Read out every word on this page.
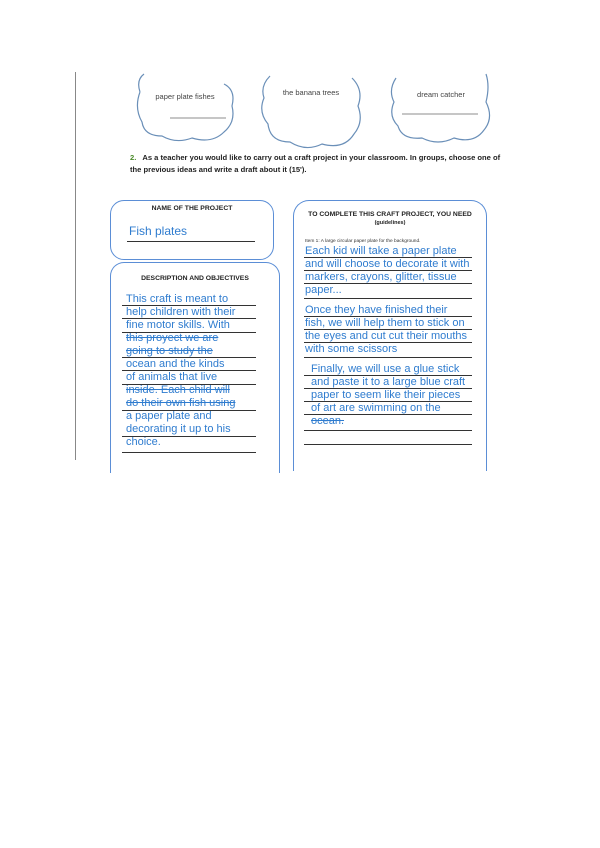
paper plate fishes	the banana trees	dream catcher
2. As a teacher you would like to carry out a craft project in your classroom. In groups, choose one of the previous ideas and write a draft about it (15').
NAME OF THE PROJECT
Fish plates
DESCRIPTION AND OBJECTIVES
This craft is meant to
help children with their
fine motor skills. With
this proyect we are
going to study the
ocean and the kinds
of animals that live
inside. Each child will
do their own fish using
a paper plate and
decorating it up to his
choice.
TO COMPLETE THIS CRAFT PROJECT, YOU NEED
(guidelines)
Item 1: A large circular paper plate for the background.
Each kid will take a paper plate
and will choose to decorate it with
markers, crayons, glitter, tissue
paper...
Once they have finished their
fish, we will help them to stick on
the eyes and cut cut their mouths
with some scissors
Finally, we will use a glue stick
and paste it to a large blue craft
paper to seem like their pieces
of art are swimming on the
ocean.
